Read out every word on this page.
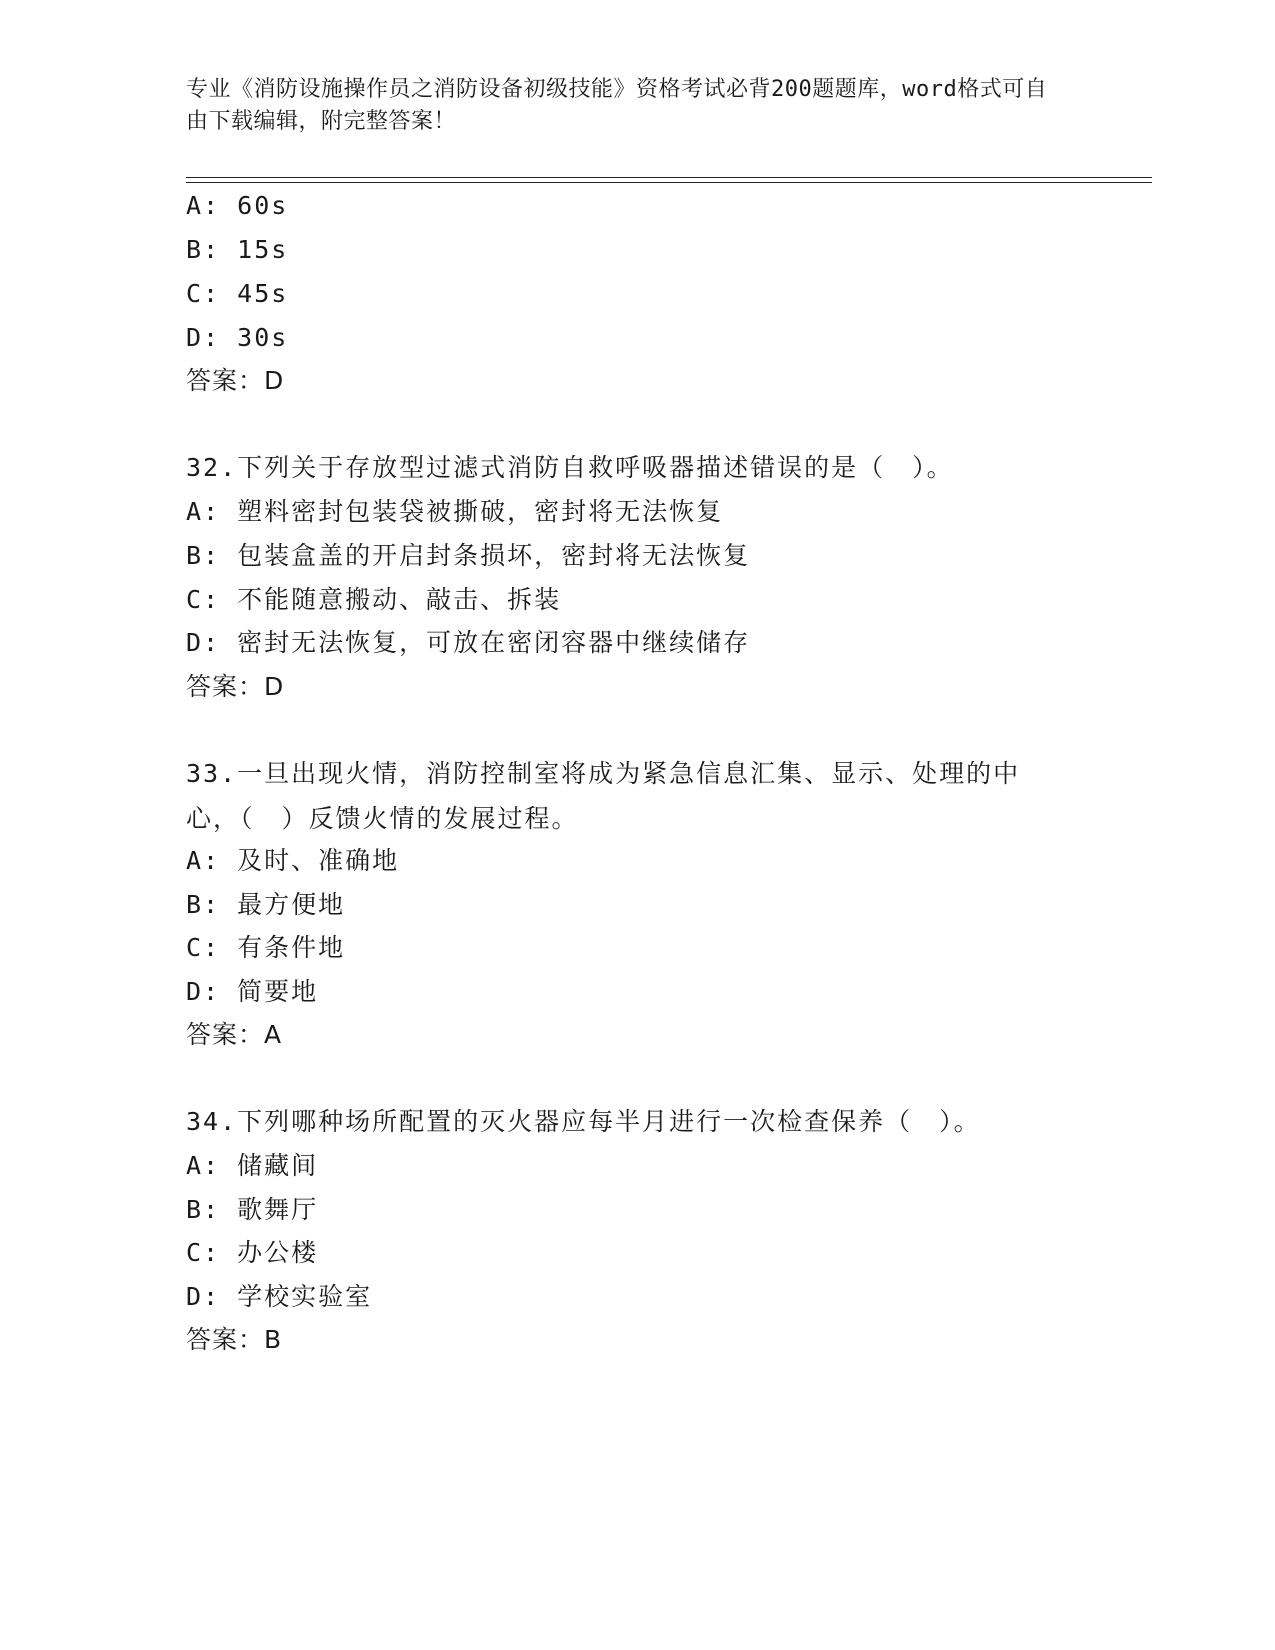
专业《消防设施操作员之消防设备初级技能》资格考试必背200题题库，word格式可自由下载编辑，附完整答案！
A: 60s
B: 15s
C: 45s
D: 30s
答案：D
32.下列关于存放型过滤式消防自救呼吸器描述错误的是（　）。
A: 塑料密封包装袋被撕破，密封将无法恢复
B: 包装盒盖的开启封条损坏，密封将无法恢复
C: 不能随意搬动、敲击、拆装
D: 密封无法恢复，可放在密闭容器中继续储存
答案：D
33.一旦出现火情，消防控制室将成为紧急信息汇集、显示、处理的中心，（　）反馈火情的发展过程。
A: 及时、准确地
B: 最方便地
C: 有条件地
D: 简要地
答案：A
34.下列哪种场所配置的灭火器应每半月进行一次检查保养（　）。
A: 储藏间
B: 歌舞厅
C: 办公楼
D: 学校实验室
答案：B
